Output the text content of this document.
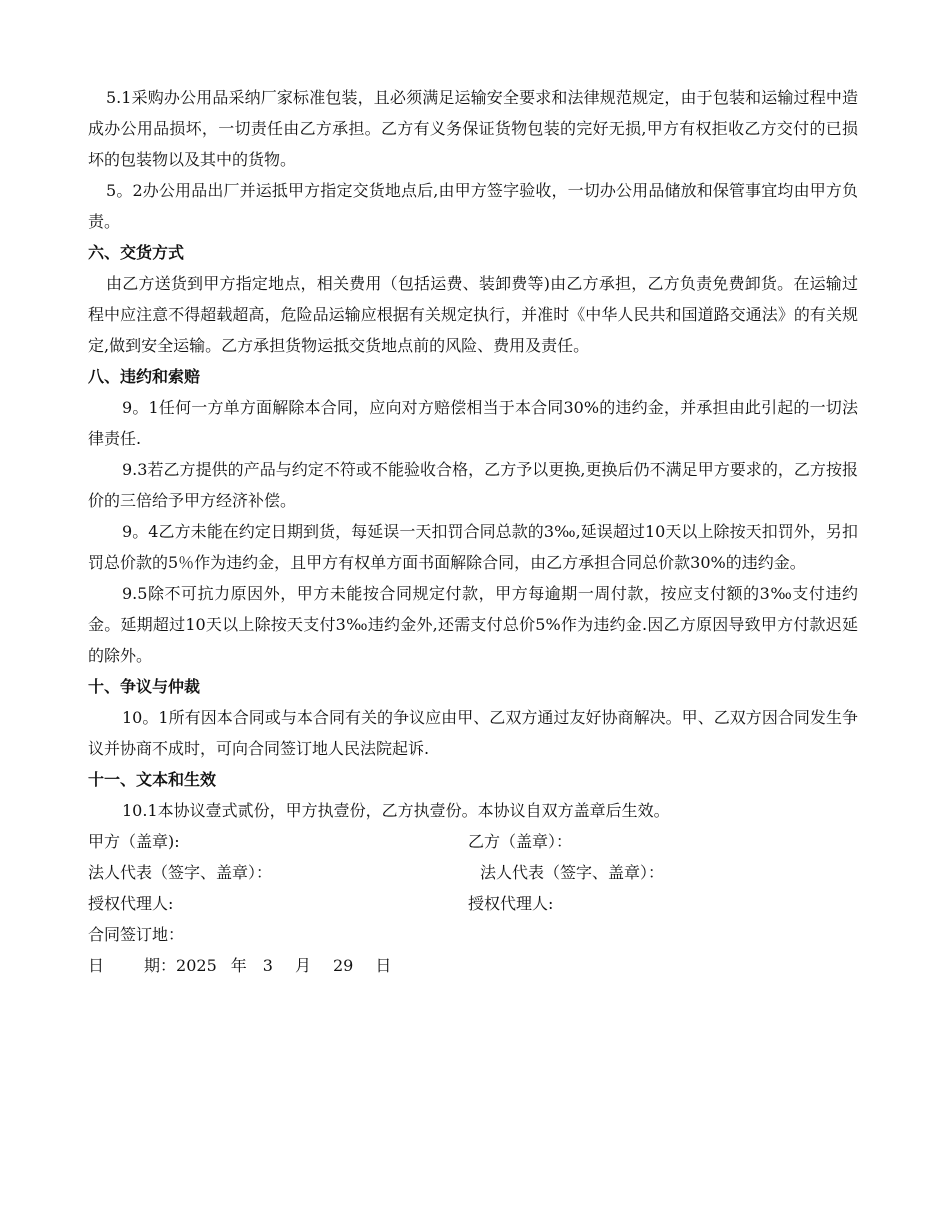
5.1采购办公用品采纳厂家标准包装，且必须满足运输安全要求和法律规范规定，由于包装和运输过程中造成办公用品损坏，一切责任由乙方承担。乙方有义务保证货物包装的完好无损,甲方有权拒收乙方交付的已损坏的包装物以及其中的货物。

5。2办公用品出厂并运抵甲方指定交货地点后,由甲方签字验收，一切办公用品储放和保管事宜均由甲方负责。

六、交货方式

由乙方送货到甲方指定地点，相关费用（包括运费、装卸费等)由乙方承担，乙方负责免费卸货。在运输过程中应注意不得超载超高，危险品运输应根据有关规定执行，并准时《中华人民共和国道路交通法》的有关规定,做到安全运输。乙方承担货物运抵交货地点前的风险、费用及责任。

八、违约和索赔

9。1任何一方单方面解除本合同，应向对方赔偿相当于本合同30%的违约金，并承担由此引起的一切法律责任.

9.3若乙方提供的产品与约定不符或不能验收合格，乙方予以更换,更换后仍不满足甲方要求的，乙方按报价的三倍给予甲方经济补偿。

9。4乙方未能在约定日期到货，每延误一天扣罚合同总款的3‰,延误超过10天以上除按天扣罚外，另扣罚总价款的5％作为违约金，且甲方有权单方面书面解除合同，由乙方承担合同总价款30%的违约金。

9.5除不可抗力原因外，甲方未能按合同规定付款，甲方每逾期一周付款，按应支付额的3‰支付违约金。延期超过10天以上除按天支付3‰违约金外,还需支付总价5%作为违约金.因乙方原因导致甲方付款迟延的除外。

十、争议与仲裁

10。1所有因本合同或与本合同有关的争议应由甲、乙双方通过友好协商解决。甲、乙双方因合同发生争议并协商不成时，可向合同签订地人民法院起诉.

十一、文本和生效

10.1本协议壹式贰份，甲方执壹份，乙方执壹份。本协议自双方盖章后生效。

甲方（盖章):	乙方（盖章）：
法人代表（签字、盖章）：	法人代表（签字、盖章）：
授权代理人:	授权代理人:
合同签订地：
日	期：2025 年 3 月 29 日
